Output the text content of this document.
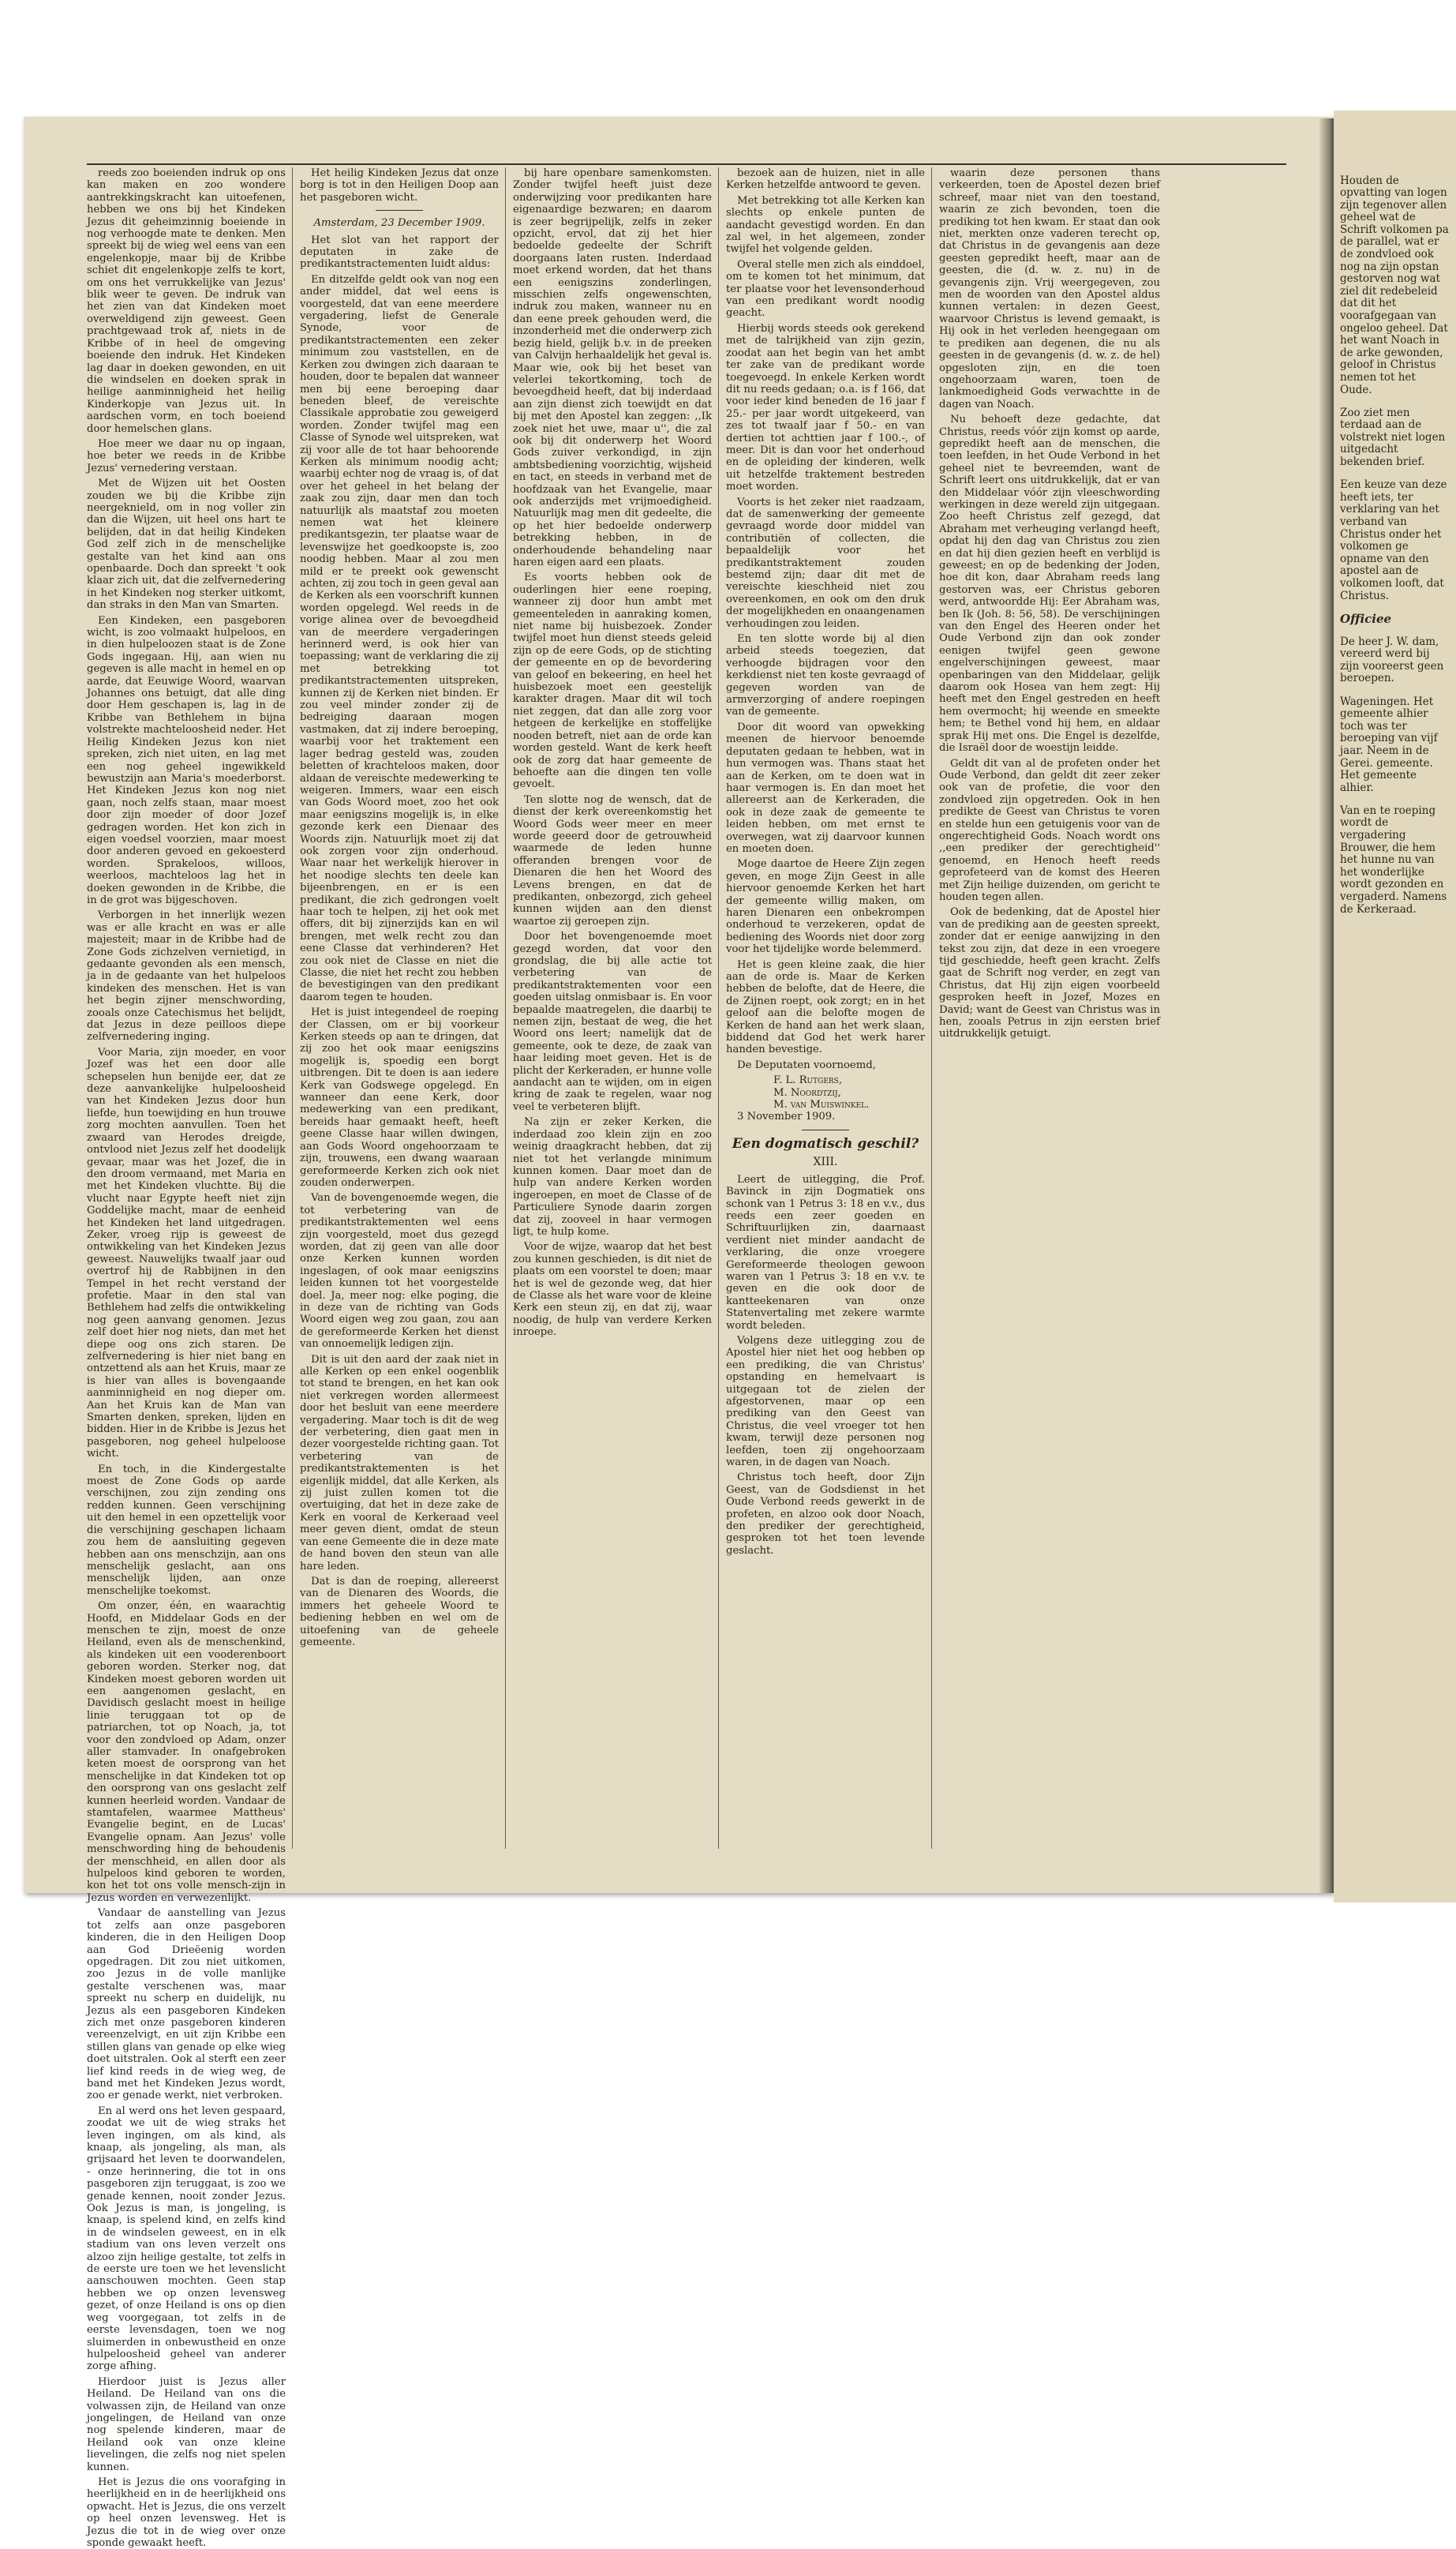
Houden de opvatting van logen zijn tegenover allen geheel wat de Schrift volkomen pa de parallel, wat er de zondvloed ook nog na zijn opstan gestorven nog wat ziel dit redebeleid dat dit het voorafgegaan van ongeloo geheel. Dat het want Noach in de arke gewonden, geloof in Christus nemen tot het Oude.

Zoo ziet men terdaad aan de volstrekt niet logen uitgedacht bekenden brief.

Een keuze van deze heeft iets, ter verklaring van het verband van Christus onder het volkomen ge opname van den apostel aan de volkomen looft, dat Christus.

Officiee

De heer J. W. dam, vereerd werd bij zijn vooreerst geen beroepen.

Wageningen. Het gemeente alhier toch was ter beroeping van vijf jaar. Neem in de Gerei. gemeente. Het gemeente alhier.

Van en te roeping wordt de vergadering Brouwer, die hem het hunne nu van het wonderlijke wordt gezonden en vergaderd. Namens de Kerkeraad.

reeds zoo boeienden indruk op ons kan maken en zoo wondere aantrekkingskracht kan uitoefenen, hebben we ons bij het Kindeken Jezus dit geheimzinnig boeiende in nog verhoogde mate te denken. Men spreekt bij de wieg wel eens van een engelenkopje, maar bij de Kribbe schiet dit engelenkopje zelfs te kort, om ons het verrukkelijke van Jezus' blik weer te geven. De indruk van het zien van dat Kindeken moet overweldigend zijn geweest. Geen prachtgewaad trok af, niets in de Kribbe of in heel de omgeving boeiende den indruk. Het Kindeken lag daar in doeken gewonden, en uit die windselen en doeken sprak in heilige aanminnigheid het heilig Kinderkopje van Jezus uit. In aardschen vorm, en toch boeiend door hemelschen glans.

Hoe meer we daar nu op ingaan, hoe beter we reeds in de Kribbe Jezus' vernedering verstaan.

Met de Wijzen uit het Oosten zouden we bij die Kribbe zijn neergeknield, om in nog voller zin dan die Wijzen, uit heel ons hart te belijden, dat in dat heilig Kindeken God zelf zich in de menschelijke gestalte van het kind aan ons openbaarde. Doch dan spreekt 't ook klaar zich uit, dat die zelfvernedering in het Kindeken nog sterker uitkomt, dan straks in den Man van Smarten.

Een Kindeken, een pasgeboren wicht, is zoo volmaakt hulpeloos, en in dien hulpeloozen staat is de Zone Gods ingegaan. Hij, aan wien nu gegeven is alle macht in hemel en op aarde, dat Eeuwige Woord, waarvan Johannes ons betuigt, dat alle ding door Hem geschapen is, lag in de Kribbe van Bethlehem in bijna volstrekte machteloosheid neder. Het Heilig Kindeken Jezus kon niet spreken, zich niet uiten, en lag met een nog geheel ingewikkeld bewustzijn aan Maria's moederborst. Het Kindeken Jezus kon nog niet gaan, noch zelfs staan, maar moest door zijn moeder of door Jozef gedragen worden. Het kon zich in eigen voedsel voorzien, maar moest door anderen gevoed en gekoesterd worden. Sprakeloos, willoos, weerloos, machteloos lag het in doeken gewonden in de Kribbe, die in de grot was bijgeschoven.

Verborgen in het innerlijk wezen was er alle kracht en was er alle majesteit; maar in de Kribbe had de Zone Gods zichzelven vernietigd, in gedaante gevonden als een mensch, ja in de gedaante van het hulpeloos kindeken des menschen. Het is van het begin zijner menschwording, zooals onze Catechismus het belijdt, dat Jezus in deze peilloos diepe zelfvernedering inging.

Voor Maria, zijn moeder, en voor Jozef was het een door alle schepselen hun benijde eer, dat ze deze aanvankelijke hulpeloosheid van het Kindeken Jezus door hun liefde, hun toewijding en hun trouwe zorg mochten aanvullen. Toen het zwaard van Herodes dreigde, ontvlood niet Jezus zelf het doodelijk gevaar, maar was het Jozef, die in den droom vermaand, met Maria en met het Kindeken vluchtte. Bij die vlucht naar Egypte heeft niet zijn Goddelijke macht, maar de eenheid het Kindeken het land uitgedragen. Zeker, vroeg rijp is geweest de ontwikkeling van het Kindeken Jezus geweest. Nauwelijks twaalf jaar oud overtrof hij de Rabbijnen in den Tempel in het recht verstand der profetie. Maar in den stal van Bethlehem had zelfs die ontwikkeling nog geen aanvang genomen. Jezus zelf doet hier nog niets, dan met het diepe oog ons zich staren. De zelfvernedering is hier niet bang en ontzettend als aan het Kruis, maar ze is hier van alles is bovengaande aanminnigheid en nog dieper om. Aan het Kruis kan de Man van Smarten denken, spreken, lijden en bidden. Hier in de Kribbe is Jezus het pasgeboren, nog geheel hulpeloose wicht.

En toch, in die Kindergestalte moest de Zone Gods op aarde verschijnen, zou zijn zending ons redden kunnen. Geen verschijning uit den hemel in een opzettelijk voor die verschijning geschapen lichaam zou hem de aansluiting gegeven hebben aan ons menschzijn, aan ons menschelijk geslacht, aan ons menschelijk lijden, aan onze menschelijke toekomst.

Om onzer, één, en waarachtig Hoofd, en Middelaar Gods en der menschen te zijn, moest de onze Heiland, even als de menschenkind, als kindeken uit een vooderenboort geboren worden. Sterker nog, dat Kindeken moest geboren worden uit een aangenomen geslacht, en Davidisch geslacht moest in heilige linie teruggaan tot op de patriarchen, tot op Noach, ja, tot voor den zondvloed op Adam, onzer aller stamvader. In onafgebroken keten moest de oorsprong van het menschelijke in dat Kindeken tot op den oorsprong van ons geslacht zelf kunnen heerleid worden. Vandaar de stamtafelen, waarmee Mattheus' Evangelie begint, en de Lucas' Evangelie opnam. Aan Jezus' volle menschwording hing de behoudenis der menschheid, en allen door als hulpeloos kind geboren te worden, kon het tot ons volle mensch-zijn in Jezus worden en verwezenlijkt.

Vandaar de aanstelling van Jezus tot zelfs aan onze pasgeboren kinderen, die in den Heiligen Doop aan God Drieëenig worden opgedragen. Dit zou niet uitkomen, zoo Jezus in de volle manlijke gestalte verschenen was, maar spreekt nu scherp en duidelijk, nu Jezus als een pasgeboren Kindeken zich met onze pasgeboren kinderen vereenzelvigt, en uit zijn Kribbe een stillen glans van genade op elke wieg doet uitstralen. Ook al sterft een zeer lief kind reeds in de wieg weg, de band met het Kindeken Jezus wordt, zoo er genade werkt, niet verbroken.

En al werd ons het leven gespaard, zoodat we uit de wieg straks het leven ingingen, om als kind, als knaap, als jongeling, als man, als grijsaard het leven te doorwandelen, - onze herinnering, die tot in ons pasgeboren zijn teruggaat, is zoo we genade kennen, nooit zonder Jezus. Ook Jezus is man, is jongeling, is knaap, is spelend kind, en zelfs kind in de windselen geweest, en in elk stadium van ons leven verzelt ons alzoo zijn heilige gestalte, tot zelfs in de eerste ure toen we het levenslicht aanschouwen mochten. Geen stap hebben we op onzen levensweg gezet, of onze Heiland is ons op dien weg voorgegaan, tot zelfs in de eerste levensdagen, toen we nog sluimerden in onbewustheid en onze hulpeloosheid geheel van anderer zorge afhing.

Hierdoor juist is Jezus aller Heiland. De Heiland van ons die volwassen zijn, de Heiland van onze jongelingen, de Heiland van onze nog spelende kinderen, maar de Heiland ook van onze kleine lievelingen, die zelfs nog niet spelen kunnen.

Het is Jezus die ons voorafging in heerlijkheid en in de heerlijkheid ons opwacht. Het is Jezus, die ons verzelt op heel onzen levensweg. Het is Jezus die tot in de wieg over onze sponde gewaakt heeft.

Het heilig Kindeken Jezus dat onze borg is tot in den Heiligen Doop aan het pasgeboren wicht.

Amsterdam, 23 December 1909.

Het slot van het rapport der deputaten in zake de predikantstractementen luidt aldus:

En ditzelfde geldt ook van nog een ander middel, dat wel eens is voorgesteld, dat van eene meerdere vergadering, liefst de Generale Synode, voor de predikantstractementen een zeker minimum zou vaststellen, en de Kerken zou dwingen zich daaraan te houden, door te bepalen dat wanneer men bij eene beroeping daar beneden bleef, de vereischte Classikale approbatie zou geweigerd worden. Zonder twijfel mag een Classe of Synode wel uitspreken, wat zij voor alle de tot haar behoorende Kerken als minimum noodig acht; waarbij echter nog de vraag is, of dat over het geheel in het belang der zaak zou zijn, daar men dan toch natuurlijk als maatstaf zou moeten nemen wat het kleinere predikantsgezin, ter plaatse waar de levenswijze het goedkoopste is, zoo noodig hebben. Maar al zou men mild er te preekt ook gewenscht achten, zij zou toch in geen geval aan de Kerken als een voorschrift kunnen worden opgelegd. Wel reeds in de vorige alinea over de bevoegdheid van de meerdere vergaderingen herinnerd werd, is ook hier van toepassing; want de verklaring die zij met betrekking tot predikantstractementen uitspreken, kunnen zij de Kerken niet binden. Er zou veel minder zonder zij de bedreiging daaraan mogen vastmaken, dat zij indere beroeping, waarbij voor het traktement een lager bedrag gesteld was, zouden beletten of krachteloos maken, door aldaan de vereischte medewerking te weigeren. Immers, waar een eisch van Gods Woord moet, zoo het ook maar eenigszins mogelijk is, in elke gezonde kerk een Dienaar des Woords zijn. Natuurlijk moet zij dat ook zorgen voor zijn onderhoud. Waar naar het werkelijk hierover in het noodige slechts ten deele kan bijeenbrengen, en er is een predikant, die zich gedrongen voelt haar toch te helpen, zij het ook met offers, dit bij zijnerzijds kan en wil brengen, met welk recht zou dan eene Classe dat verhinderen? Het zou ook niet de Classe en niet die Classe, die niet het recht zou hebben de bevestigingen van den predikant daarom tegen te houden.

Het is juist integendeel de roeping der Classen, om er bij voorkeur Kerken steeds op aan te dringen, dat zij zoo het ook maar eenigszins mogelijk is, spoedig een borgt uitbrengen. Dit te doen is aan iedere Kerk van Godswege opgelegd. En wanneer dan eene Kerk, door medewerking van een predikant, bereids haar gemaakt heeft, heeft geene Classe haar willen dwingen, aan Gods Woord ongehoorzaam te zijn, trouwens, een dwang waaraan gereformeerde Kerken zich ook niet zouden onderwerpen.

Van de bovengenoemde wegen, die tot verbetering van de predikantstraktementen wel eens zijn voorgesteld, moet dus gezegd worden, dat zij geen van alle door onze Kerken kunnen worden ingeslagen, of ook maar eenigszins leiden kunnen tot het voorgestelde doel. Ja, meer nog: elke poging, die in deze van de richting van Gods Woord eigen weg zou gaan, zou aan de gereformeerde Kerken het dienst van onnoemelijk ledigen zijn.

Dit is uit den aard der zaak niet in alle Kerken op een enkel oogenblik tot stand te brengen, en het kan ook niet verkregen worden allermeest door het besluit van eene meerdere vergadering. Maar toch is dit de weg der verbetering, dien gaat men in dezer voorgestelde richting gaan. Tot verbetering van de predikantstraktementen is het eigenlijk middel, dat alle Kerken, als zij juist zullen komen tot die overtuiging, dat het in deze zake de Kerk en vooral de Kerkeraad veel meer geven dient, omdat de steun van eene Gemeente die in deze mate de hand boven den steun van alle hare leden.

Dat is dan de roeping, allereerst van de Dienaren des Woords, die immers het geheele Woord te bediening hebben en wel om de uitoefening van de geheele gemeente.

bij hare openbare samenkomsten. Zonder twijfel heeft juist deze onderwijzing voor predikanten hare eigenaardige bezwaren; en daarom is zeer begrijpelijk, zelfs in zeker opzicht, ervol, dat zij het hier bedoelde gedeelte der Schrift doorgaans laten rusten. Inderdaad moet erkend worden, dat het thans een eenigszins zonderlingen, misschien zelfs ongewenschten, indruk zou maken, wanneer nu en dan eene preek gehouden werd, die inzonderheid met die onderwerp zich bezig hield, gelijk b.v. in de preeken van Calvijn herhaaldelijk het geval is. Maar wie, ook bij het beset van velerlei tekortkoming, toch de bevoegdheid heeft, dat bij inderdaad aan zijn dienst zich toewijdt en dat bij met den Apostel kan zeggen: ,,Ik zoek niet het uwe, maar u'', die zal ook bij dit onderwerp het Woord Gods zuiver verkondigd, in zijn ambtsbediening voorzichtig, wijsheid en tact, en steeds in verband met de hoofdzaak van het Evangelie, maar ook anderzijds met vrijmoedigheid. Natuurlijk mag men dit gedeelte, die op het hier bedoelde onderwerp betrekking hebben, in de onderhoudende behandeling naar haren eigen aard een plaats.

Es voorts hebben ook de ouderlingen hier eene roeping, wanneer zij door hun ambt met gemeenteleden in aanraking komen, niet name bij huisbezoek. Zonder twijfel moet hun dienst steeds geleid zijn op de eere Gods, op de stichting der gemeente en op de bevordering van geloof en bekeering, en heel het huisbezoek moet een geestelijk karakter dragen. Maar dit wil toch niet zeggen, dat dan alle zorg voor hetgeen de kerkelijke en stoffelijke nooden betreft, niet aan de orde kan worden gesteld. Want de kerk heeft ook de zorg dat haar gemeente de behoefte aan die dingen ten volle gevoelt.

Ten slotte nog de wensch, dat de dienst der kerk overeenkomstig het Woord Gods weer meer en meer worde geeerd door de getrouwheid waarmede de leden hunne offeranden brengen voor de Dienaren die hen het Woord des Levens brengen, en dat de predikanten, onbezorgd, zich geheel kunnen wijden aan den dienst waartoe zij geroepen zijn.

Door het bovengenoemde moet gezegd worden, dat voor den grondslag, die bij alle actie tot verbetering van de predikantstraktementen voor een goeden uitslag onmisbaar is. En voor bepaalde maatregelen, die daarbij te nemen zijn, bestaat de weg, die het Woord ons leert; namelijk dat de gemeente, ook te deze, de zaak van haar leiding moet geven. Het is de plicht der Kerkeraden, er hunne volle aandacht aan te wijden, om in eigen kring de zaak te regelen, waar nog veel te verbeteren blijft.

Na zijn er zeker Kerken, die inderdaad zoo klein zijn en zoo weinig draagkracht hebben, dat zij niet tot het verlangde minimum kunnen komen. Daar moet dan de hulp van andere Kerken worden ingeroepen, en moet de Classe of de Particuliere Synode daarin zorgen dat zij, zooveel in haar vermogen ligt, te hulp kome.

Voor de wijze, waarop dat het best zou kunnen geschieden, is dit niet de plaats om een voorstel te doen; maar het is wel de gezonde weg, dat hier de Classe als het ware voor de kleine Kerk een steun zij, en dat zij, waar noodig, de hulp van verdere Kerken inroepe.

bezoek aan de huizen, niet in alle Kerken hetzelfde antwoord te geven.

Met betrekking tot alle Kerken kan slechts op enkele punten de aandacht gevestigd worden. En dan zal wel, in het algemeen, zonder twijfel het volgende gelden.

Overal stelle men zich als einddoel, om te komen tot het minimum, dat ter plaatse voor het levensonderhoud van een predikant wordt noodig geacht.

Hierbij words steeds ook gerekend met de talrijkheid van zijn gezin, zoodat aan het begin van het ambt ter zake van de predikant worde toegevoegd. In enkele Kerken wordt dit nu reeds gedaan; o.a. is f 166, dat voor ieder kind beneden de 16 jaar f 25.- per jaar wordt uitgekeerd, van zes tot twaalf jaar f 50.- en van dertien tot achttien jaar f 100.-, of meer. Dit is dan voor het onderhoud en de opleiding der kinderen, welk uit hetzelfde traktement bestreden moet worden.

Voorts is het zeker niet raadzaam, dat de samenwerking der gemeente gevraagd worde door middel van contributiën of collecten, die bepaaldelijk voor het predikantstraktement zouden bestemd zijn; daar dit met de vereischte kieschheid niet zou overeenkomen, en ook om den druk der mogelijkheden en onaangenamen verhoudingen zou leiden.

En ten slotte worde bij al dien arbeid steeds toegezien, dat verhoogde bijdragen voor den kerkdienst niet ten koste gevraagd of gegeven worden van de armverzorging of andere roepingen van de gemeente.

Door dit woord van opwekking meenen de hiervoor benoemde deputaten gedaan te hebben, wat in hun vermogen was. Thans staat het aan de Kerken, om te doen wat in haar vermogen is. En dan moet het allereerst aan de Kerkeraden, die ook in deze zaak de gemeente te leiden hebben, om met ernst te overwegen, wat zij daarvoor kunnen en moeten doen.

Moge daartoe de Heere Zijn zegen geven, en moge Zijn Geest in alle hiervoor genoemde Kerken het hart der gemeente willig maken, om haren Dienaren een onbekrompen onderhoud te verzekeren, opdat de bediening des Woords niet door zorg voor het tijdelijke worde belemmerd.

Het is geen kleine zaak, die hier aan de orde is. Maar de Kerken hebben de belofte, dat de Heere, die de Zijnen roept, ook zorgt; en in het geloof aan die belofte mogen de Kerken de hand aan het werk slaan, biddend dat God het werk harer handen bevestige.

De Deputaten voornoemd,

F. L. Rutgers,
M. Noordtzij,
M. van Muiswinkel.

3 November 1909.

Een dogmatisch geschil?
XIII.

Leert de uitlegging, die Prof. Bavinck in zijn Dogmatiek ons schonk van 1 Petrus 3: 18 en v.v., dus reeds een zeer goeden en Schriftuurlijken zin, daarnaast verdient niet minder aandacht de verklaring, die onze vroegere Gereformeerde theologen gewoon waren van 1 Petrus 3: 18 en v.v. te geven en die ook door de kantteekenaren van onze Statenvertaling met zekere warmte wordt beleden.

Volgens deze uitlegging zou de Apostel hier niet het oog hebben op een prediking, die van Christus' opstanding en hemelvaart is uitgegaan tot de zielen der afgestorvenen, maar op een prediking van den Geest van Christus, die veel vroeger tot hen kwam, terwijl deze personen nog leefden, toen zij ongehoorzaam waren, in de dagen van Noach.

Christus toch heeft, door Zijn Geest, van de Godsdienst in het Oude Verbond reeds gewerkt in de profeten, en alzoo ook door Noach, den prediker der gerechtigheid, gesproken tot het toen levende geslacht.

waarin deze personen thans verkeerden, toen de Apostel dezen brief schreef, maar niet van den toestand, waarin ze zich bevonden, toen die prediking tot hen kwam. Er staat dan ook niet, merkten onze vaderen terecht op, dat Christus in de gevangenis aan deze geesten gepredikt heeft, maar aan de geesten, die (d. w. z. nu) in de gevangenis zijn. Vrij weergegeven, zou men de woorden van den Apostel aldus kunnen vertalen: in dezen Geest, waarvoor Christus is levend gemaakt, is Hij ook in het verleden heengegaan om te prediken aan degenen, die nu als geesten in de gevangenis (d. w. z. de hel) opgesloten zijn, en die toen ongehoorzaam waren, toen de lankmoedigheid Gods verwachtte in de dagen van Noach.

Nu behoeft deze gedachte, dat Christus, reeds vóór zijn komst op aarde, gepredikt heeft aan de menschen, die toen leefden, in het Oude Verbond in het geheel niet te bevreemden, want de Schrift leert ons uitdrukkelijk, dat er van den Middelaar vóór zijn vleeschwording werkingen in deze wereld zijn uitgegaan. Zoo heeft Christus zelf gezegd, dat Abraham met verheuging verlangd heeft, opdat hij den dag van Christus zou zien en dat hij dien gezien heeft en verblijd is geweest; en op de bedenking der Joden, hoe dit kon, daar Abraham reeds lang gestorven was, eer Christus geboren werd, antwoordde Hij: Eer Abraham was, ben Ik (Joh. 8: 56, 58). De verschijningen van den Engel des Heeren onder het Oude Verbond zijn dan ook zonder eenigen twijfel geen gewone engelverschijningen geweest, maar openbaringen van den Middelaar, gelijk daarom ook Hosea van hem zegt: Hij heeft met den Engel gestreden en heeft hem overmocht; hij weende en smeekte hem; te Bethel vond hij hem, en aldaar sprak Hij met ons. Die Engel is dezelfde, die Israël door de woestijn leidde.

Geldt dit van al de profeten onder het Oude Verbond, dan geldt dit zeer zeker ook van de profetie, die voor den zondvloed zijn opgetreden. Ook in hen predikte de Geest van Christus te voren en stelde hun een getuigenis voor van de ongerechtigheid Gods. Noach wordt ons ,,een prediker der gerechtigheid'' genoemd, en Henoch heeft reeds geprofeteerd van de komst des Heeren met Zijn heilige duizenden, om gericht te houden tegen allen.

Ook de bedenking, dat de Apostel hier van de prediking aan de geesten spreekt, zonder dat er eenige aanwijzing in den tekst zou zijn, dat deze in een vroegere tijd geschiedde, heeft geen kracht. Zelfs gaat de Schrift nog verder, en zegt van Christus, dat Hij zijn eigen voorbeeld gesproken heeft in Jozef, Mozes en David; want de Geest van Christus was in hen, zooals Petrus in zijn eersten brief uitdrukkelijk getuigt.
